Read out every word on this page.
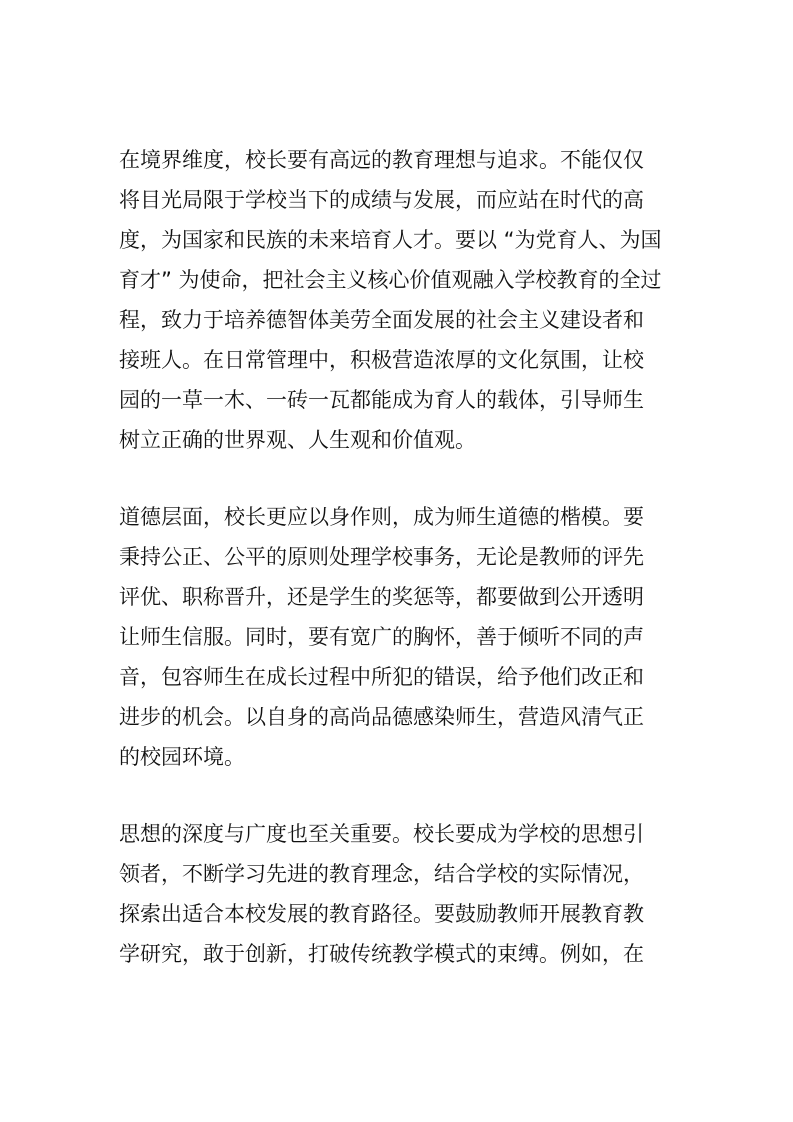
在境界维度，校长要有高远的教育理想与追求。不能仅仅
将目光局限于学校当下的成绩与发展，而应站在时代的高
度，为国家和民族的未来培育人才。要以 “为党育人、为国
育才” 为使命，把社会主义核心价值观融入学校教育的全过
程，致力于培养德智体美劳全面发展的社会主义建设者和
接班人。在日常管理中，积极营造浓厚的文化氛围，让校
园的一草一木、一砖一瓦都能成为育人的载体，引导师生
树立正确的世界观、人生观和价值观。

道德层面，校长更应以身作则，成为师生道德的楷模。要
秉持公正、公平的原则处理学校事务，无论是教师的评先
评优、职称晋升，还是学生的奖惩等，都要做到公开透明
让师生信服。同时，要有宽广的胸怀，善于倾听不同的声
音，包容师生在成长过程中所犯的错误，给予他们改正和
进步的机会。以自身的高尚品德感染师生，营造风清气正
的校园环境。

思想的深度与广度也至关重要。校长要成为学校的思想引
领者，不断学习先进的教育理念，结合学校的实际情况，
探索出适合本校发展的教育路径。要鼓励教师开展教育教
学研究，敢于创新，打破传统教学模式的束缚。例如，在
